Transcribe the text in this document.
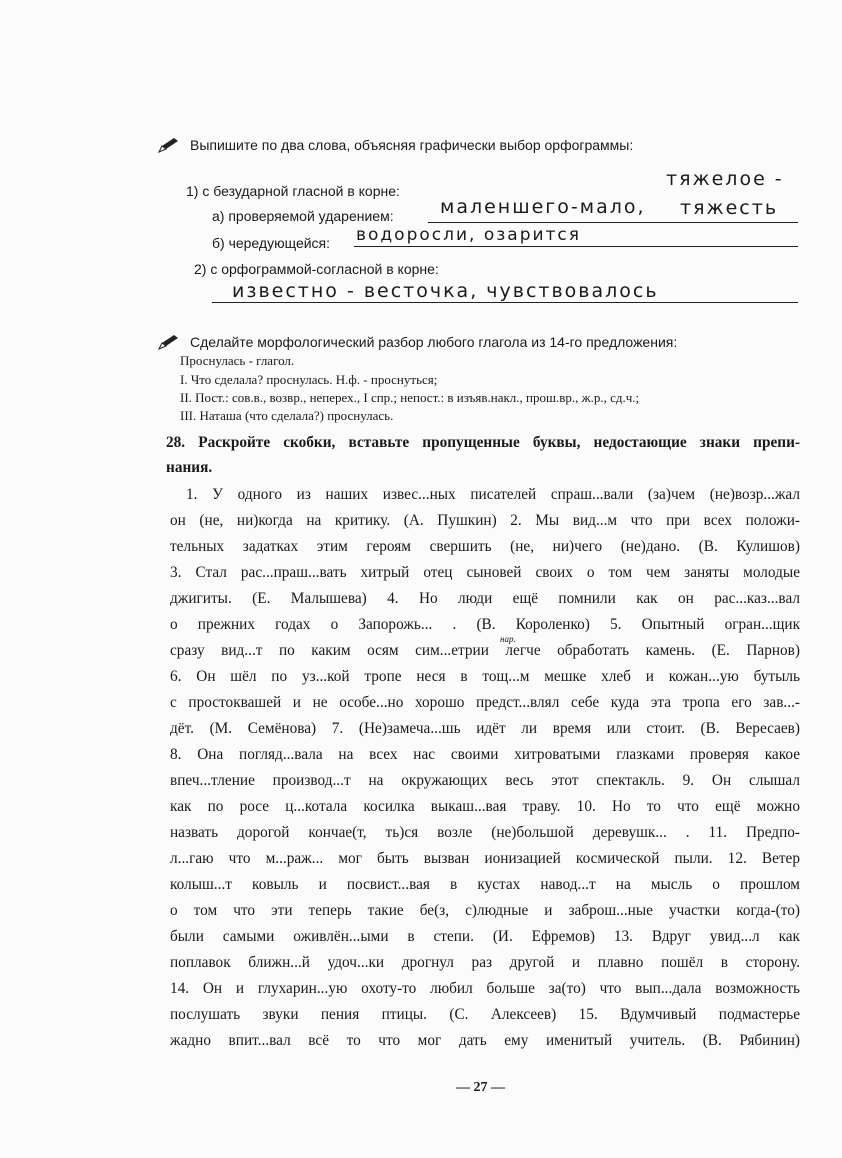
Выпишите по два слова, объясняя графически выбор орфограммы:
1) с безударной гласной в корне:
а) проверяемой ударением: маленшего-мало,
тяжелое -
тяжесть
б) чередующейся: водоросли, озарится
2) с орфограммой-согласной в корне:
известно - весточка, чувствовалось
Сделайте морфологический разбор любого глагола из 14-го предложения:
Проснулась - глагол.
I. Что сделала? проснулась. Н.ф. - проснуться;
II. Пост.: сов.в., возвр., неперех., I спр.; непост.: в изъяв.накл., прош.вр., ж.р., сд.ч.;
III. Наташа (что сделала?) проснулась.
28. Раскройте скобки, вставьте пропущенные буквы, недостающие знаки препи-
нания.
нар.
1. У одного из наших извес...ных писателей спраш...вали (за)чем (не)возр...жал
он (не, ни)когда на критику. (А. Пушкин) 2. Мы вид...м что при всех положи-
тельных задатках этим героям свершить (не, ни)чего (не)дано. (В. Кулишов)
3. Стал рас...праш...вать хитрый отец сыновей своих о том чем заняты молодые
джигиты. (Е. Малышева) 4. Но люди ещё помнили как он рас...каз...вал
о прежних годах о Запорожь... . (В. Короленко) 5. Опытный огран...щик
сразу вид...т по каким осям сим...етрии легче обработать камень. (Е. Парнов)
6. Он шёл по уз...кой тропе неся в тощ...м мешке хлеб и кожан...ую бутыль
с простоквашей и не особе...но хорошо предст...влял себе куда эта тропа его зав...-
дёт. (М. Семёнова) 7. (Не)замеча...шь идёт ли время или стоит. (В. Вересаев)
8. Она погляд...вала на всех нас своими хитроватыми глазками проверяя какое
впеч...тление производ...т на окружающих весь этот спектакль. 9. Он слышал
как по росе ц...котала косилка выкаш...вая траву. 10. Но то что ещё можно
назвать дорогой кончае(т, ть)ся возле (не)большой деревушк... . 11. Предпо-
л...гаю что м...раж... мог быть вызван ионизацией космической пыли. 12. Ветер
колыш...т ковыль и посвист...вая в кустах навод...т на мысль о прошлом
о том что эти теперь такие бе(з, с)людные и заброш...ные участки когда-(то)
были самыми оживлён...ыми в степи. (И. Ефремов) 13. Вдруг увид...л как
поплавок ближн...й удоч...ки дрогнул раз другой и плавно пошёл в сторону.
14. Он и глухарин...ую охоту-то любил больше за(то) что вып...дала возможность
послушать звуки пения птицы. (С. Алексеев) 15. Вдумчивый подмастерье
жадно впит...вал всё то что мог дать ему именитый учитель. (В. Рябинин)
— 27 —
